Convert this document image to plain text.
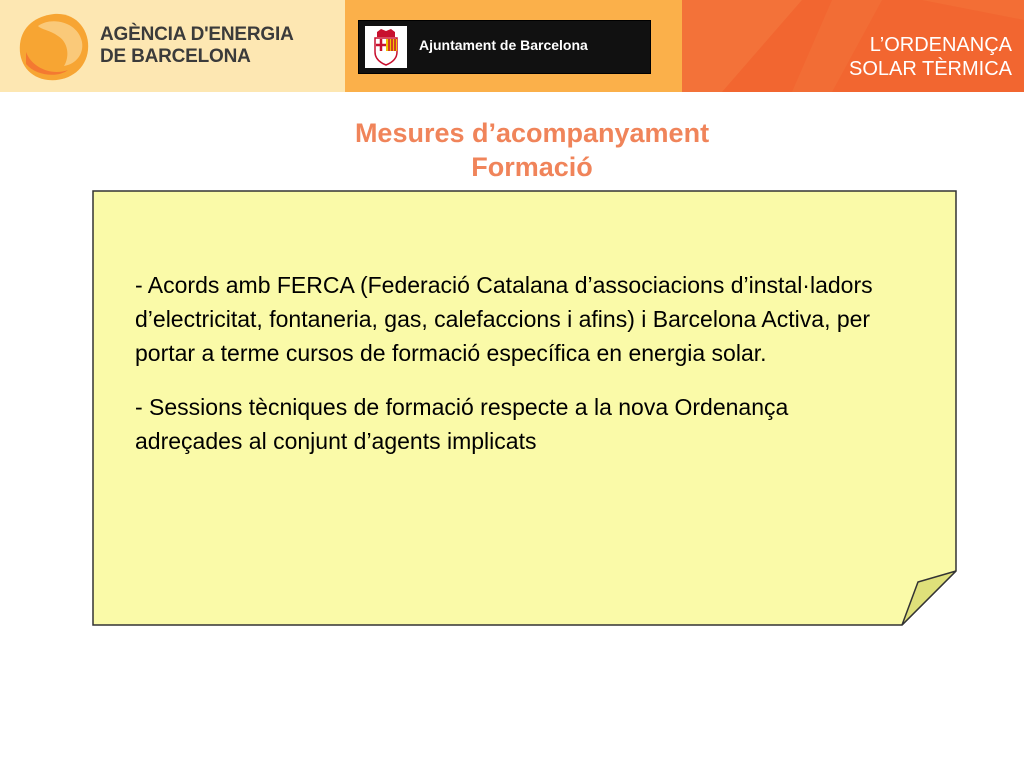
AGÈNCIA D'ENERGIA
DE BARCELONA
Ajuntament de Barcelona	L’ORDENANÇA
SOLAR TÈRMICA
Mesures d’acompanyament
Formació

- Acords amb FERCA (Federació Catalana d’associacions d’instal·ladors d’electricitat, fontaneria, gas, calefaccions i afins) i Barcelona Activa, per portar a terme cursos de formació específica en energia solar.

- Sessions tècniques de formació respecte a la nova Ordenança adreçades al conjunt d’agents implicats
